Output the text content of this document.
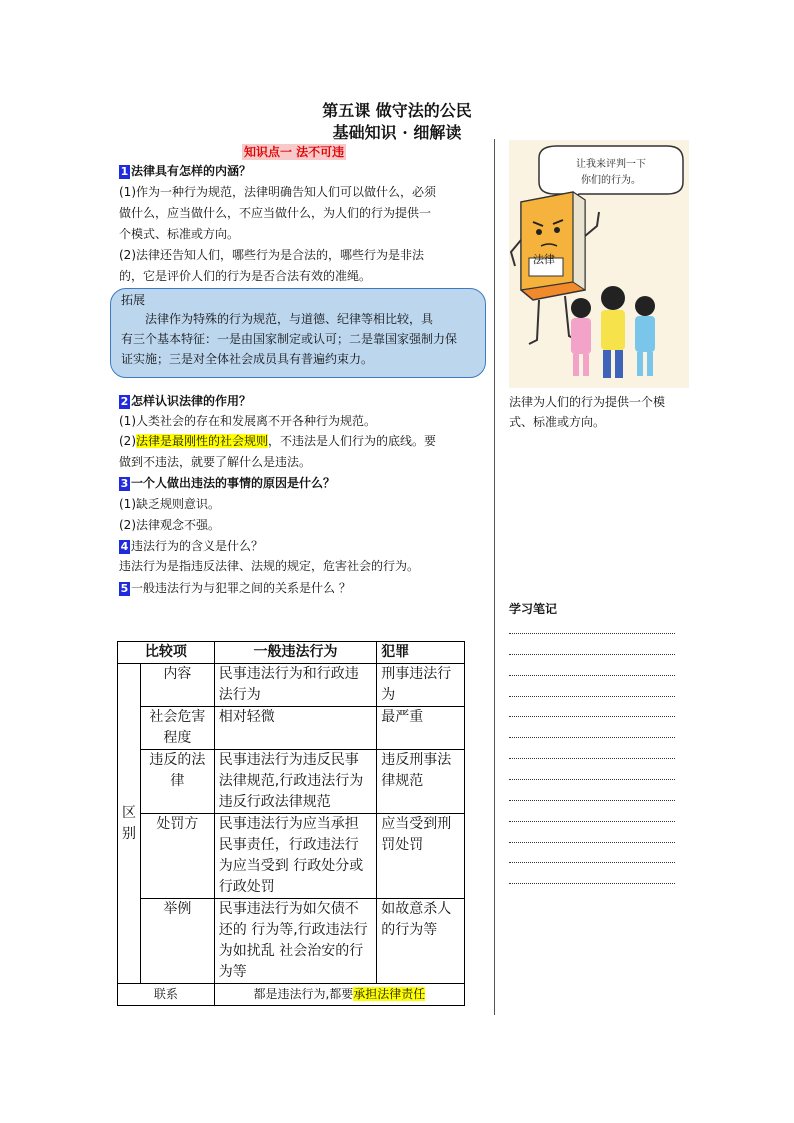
第五课 做守法的公民
基础知识 · 细解读
知识点一 法不可违
1 法律具有怎样的内涵？
(1)作为一种行为规范，法律明确告知人们可以做什么，必须
做什么，应当做什么，不应当做什么，为人们的行为提供一
个模式、标准或方向。
(2)法律还告知人们，哪些行为是合法的，哪些行为是非法
的，它是评价人们的行为是否合法有效的准绳。
拓展
　　法律作为特殊的行为规范，与道德、纪律等相比较，具
有三个基本特征：一是由国家制定或认可；二是靠国家强制力保
证实施；三是对全体社会成员具有普遍约束力。
2 怎样认识法律的作用？
(1)人类社会的存在和发展离不开各种行为规范。
(2)法律是最刚性的社会规则，不违法是人们行为的底线。要
做到不违法，就要了解什么是违法。
3 一个人做出违法的事情的原因是什么？
(1)缺乏规则意识。
(2)法律观念不强。
4 违法行为的含义是什么？
违法行为是指违反法律、法规的规定，危害社会的行为。
5 一般违法行为与犯罪之间的关系是什么 ？
比较项		一般违法行为	犯罪
区别	内容	民事违法行为和行政违法行为	刑事违法行为
	社会危害程度	相对轻微	最严重
	违反的法律	民事违法行为违反民事法律规范,行政违法行为违反行政法律规范	违反刑事法律规范
	处罚方	民事违法行为应当承担民事责任，行政违法行为应当受到 行政处分或行政处罚	应当受到刑罚处罚
	举例	民事违法行为如欠债不还的 行为等,行政违法行为如扰乱 社会治安的行为等	如故意杀人的行为等
联系		都是违法行为,都要承担法律责任	
让我来评判一下
你们的行为。
法律
法律为人们的行为提供一个模
式、标准或方向。
学习笔记
